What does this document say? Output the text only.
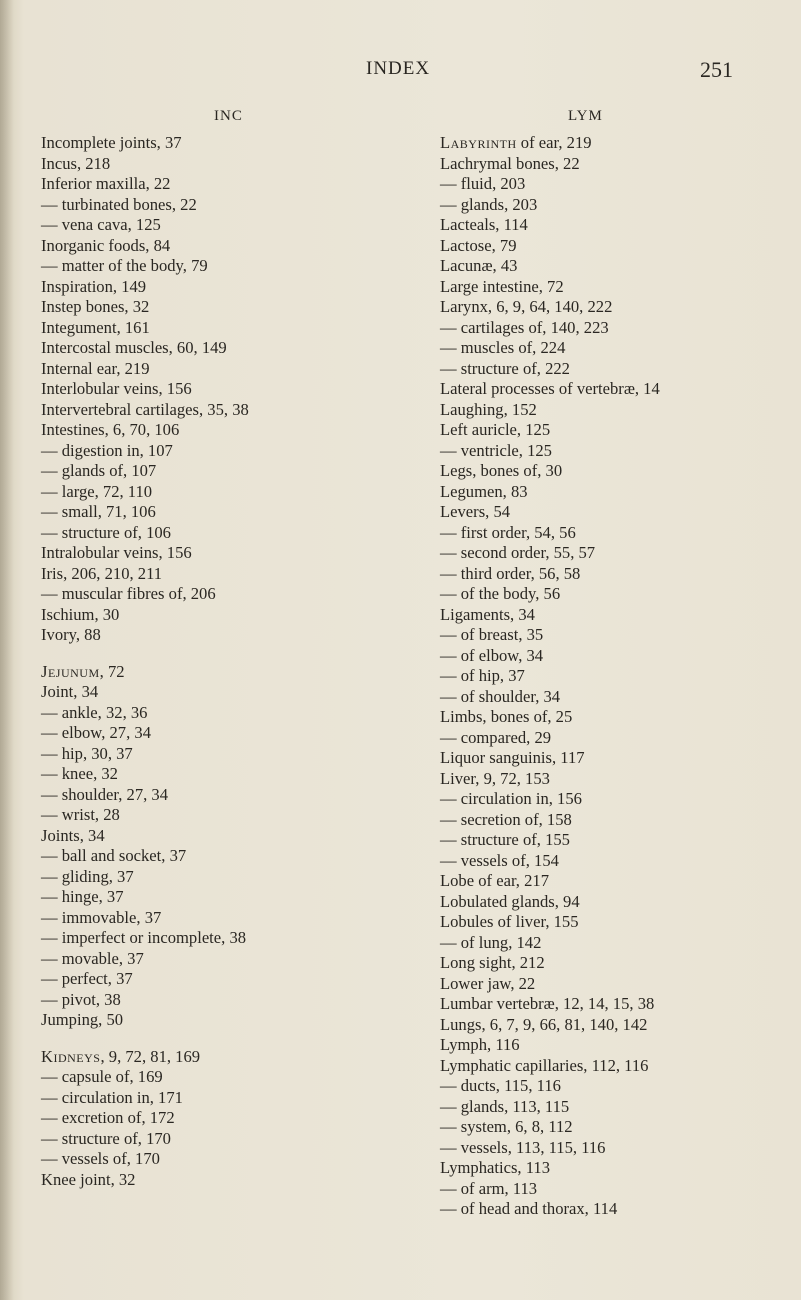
INDEX	251
INC	LYM
Incomplete joints, 37
Incus, 218
Inferior maxilla, 22
— turbinated bones, 22
— vena cava, 125
Inorganic foods, 84
— matter of the body, 79
Inspiration, 149
Instep bones, 32
Integument, 161
Intercostal muscles, 60, 149
Internal ear, 219
Interlobular veins, 156
Intervertebral cartilages, 35, 38
Intestines, 6, 70, 106
— digestion in, 107
— glands of, 107
— large, 72, 110
— small, 71, 106
— structure of, 106
Intralobular veins, 156
Iris, 206, 210, 211
— muscular fibres of, 206
Ischium, 30
Ivory, 88
Jejunum, 72
Joint, 34
— ankle, 32, 36
— elbow, 27, 34
— hip, 30, 37
— knee, 32
— shoulder, 27, 34
— wrist, 28
Joints, 34
— ball and socket, 37
— gliding, 37
— hinge, 37
— immovable, 37
— imperfect or incomplete, 38
— movable, 37
— perfect, 37
— pivot, 38
Jumping, 50
Kidneys, 9, 72, 81, 169
— capsule of, 169
— circulation in, 171
— excretion of, 172
— structure of, 170
— vessels of, 170
Knee joint, 32
Labyrinth of ear, 219
Lachrymal bones, 22
— fluid, 203
— glands, 203
Lacteals, 114
Lactose, 79
Lacunæ, 43
Large intestine, 72
Larynx, 6, 9, 64, 140, 222
— cartilages of, 140, 223
— muscles of, 224
— structure of, 222
Lateral processes of vertebræ, 14
Laughing, 152
Left auricle, 125
— ventricle, 125
Legs, bones of, 30
Legumen, 83
Levers, 54
— first order, 54, 56
— second order, 55, 57
— third order, 56, 58
— of the body, 56
Ligaments, 34
— of breast, 35
— of elbow, 34
— of hip, 37
— of shoulder, 34
Limbs, bones of, 25
— compared, 29
Liquor sanguinis, 117
Liver, 9, 72, 153
— circulation in, 156
— secretion of, 158
— structure of, 155
— vessels of, 154
Lobe of ear, 217
Lobulated glands, 94
Lobules of liver, 155
— of lung, 142
Long sight, 212
Lower jaw, 22
Lumbar vertebræ, 12, 14, 15, 38
Lungs, 6, 7, 9, 66, 81, 140, 142
Lymph, 116
Lymphatic capillaries, 112, 116
— ducts, 115, 116
— glands, 113, 115
— system, 6, 8, 112
— vessels, 113, 115, 116
Lymphatics, 113
— of arm, 113
— of head and thorax, 114
